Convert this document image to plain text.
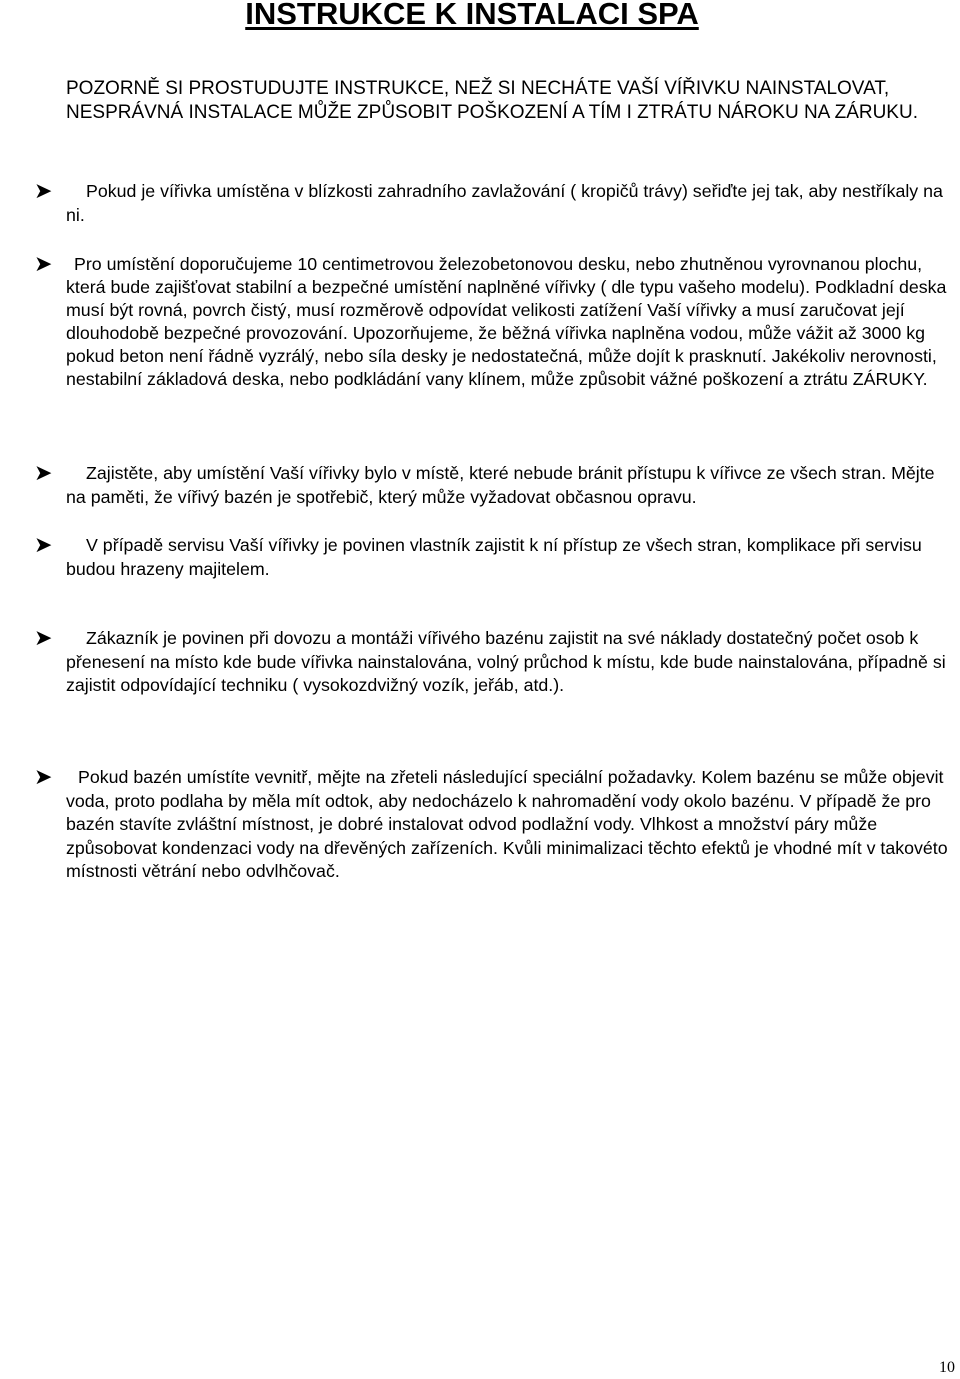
INSTRUKCE K INSTALACI SPA

POZORNĚ SI PROSTUDUJTE INSTRUKCE, NEŽ SI NECHÁTE VAŠÍ VÍŘIVKU NAINSTALOVAT, NESPRÁVNÁ INSTALACE MŮŽE ZPŮSOBIT POŠKOZENÍ A TÍM I ZTRÁTU NÁROKU NA ZÁRUKU.

➤ Pokud je vířivka umístěna v blízkosti zahradního zavlažování ( kropičů trávy) seřiďte jej tak, aby nestříkaly na ni.

➤ Pro umístění doporučujeme 10 centimetrovou železobetonovou desku, nebo zhutněnou vyrovnanou plochu, která bude zajišťovat stabilní a bezpečné umístění naplněné vířivky ( dle typu vašeho modelu). Podkladní deska musí být rovná, povrch čistý, musí rozměrově odpovídat velikosti zatížení Vaší vířivky a musí zaručovat její dlouhodobě bezpečné provozování. Upozorňujeme, že běžná vířivka naplněna vodou, může vážit až 3000 kg pokud beton není řádně vyzrálý, nebo síla desky je nedostatečná, může dojít k prasknutí. Jakékoliv nerovnosti, nestabilní základová deska, nebo podkládání vany klínem, může způsobit vážné poškození a ztrátu ZÁRUKY.

➤ Zajistěte, aby umístění Vaší vířivky bylo v místě, které nebude bránit přístupu k vířivce ze všech stran. Mějte na paměti, že vířivý bazén je spotřebič, který může vyžadovat občasnou opravu.

➤ V případě servisu Vaší vířivky je povinen vlastník zajistit k ní přístup ze všech stran, komplikace při servisu budou hrazeny majitelem.

➤ Zákazník je povinen při dovozu a montáži vířivého bazénu zajistit na své náklady dostatečný počet osob k přenesení na místo kde bude vířivka nainstalována, volný průchod k místu, kde bude nainstalována, případně si zajistit odpovídající techniku ( vysokozdvižný vozík, jeřáb, atd.).

➤ Pokud bazén umístíte vevnitř, mějte na zřeteli následující speciální požadavky. Kolem bazénu se může objevit voda, proto podlaha by měla mít odtok, aby nedocházelo k nahromadění vody okolo bazénu. V případě že pro bazén stavíte zvláštní místnost, je dobré instalovat odvod podlažní vody. Vlhkost a množství páry může způsobovat kondenzaci vody na dřevěných zařízeních. Kvůli minimalizaci těchto efektů je vhodné mít v takovéto místnosti větrání nebo odvlhčovač.

10
